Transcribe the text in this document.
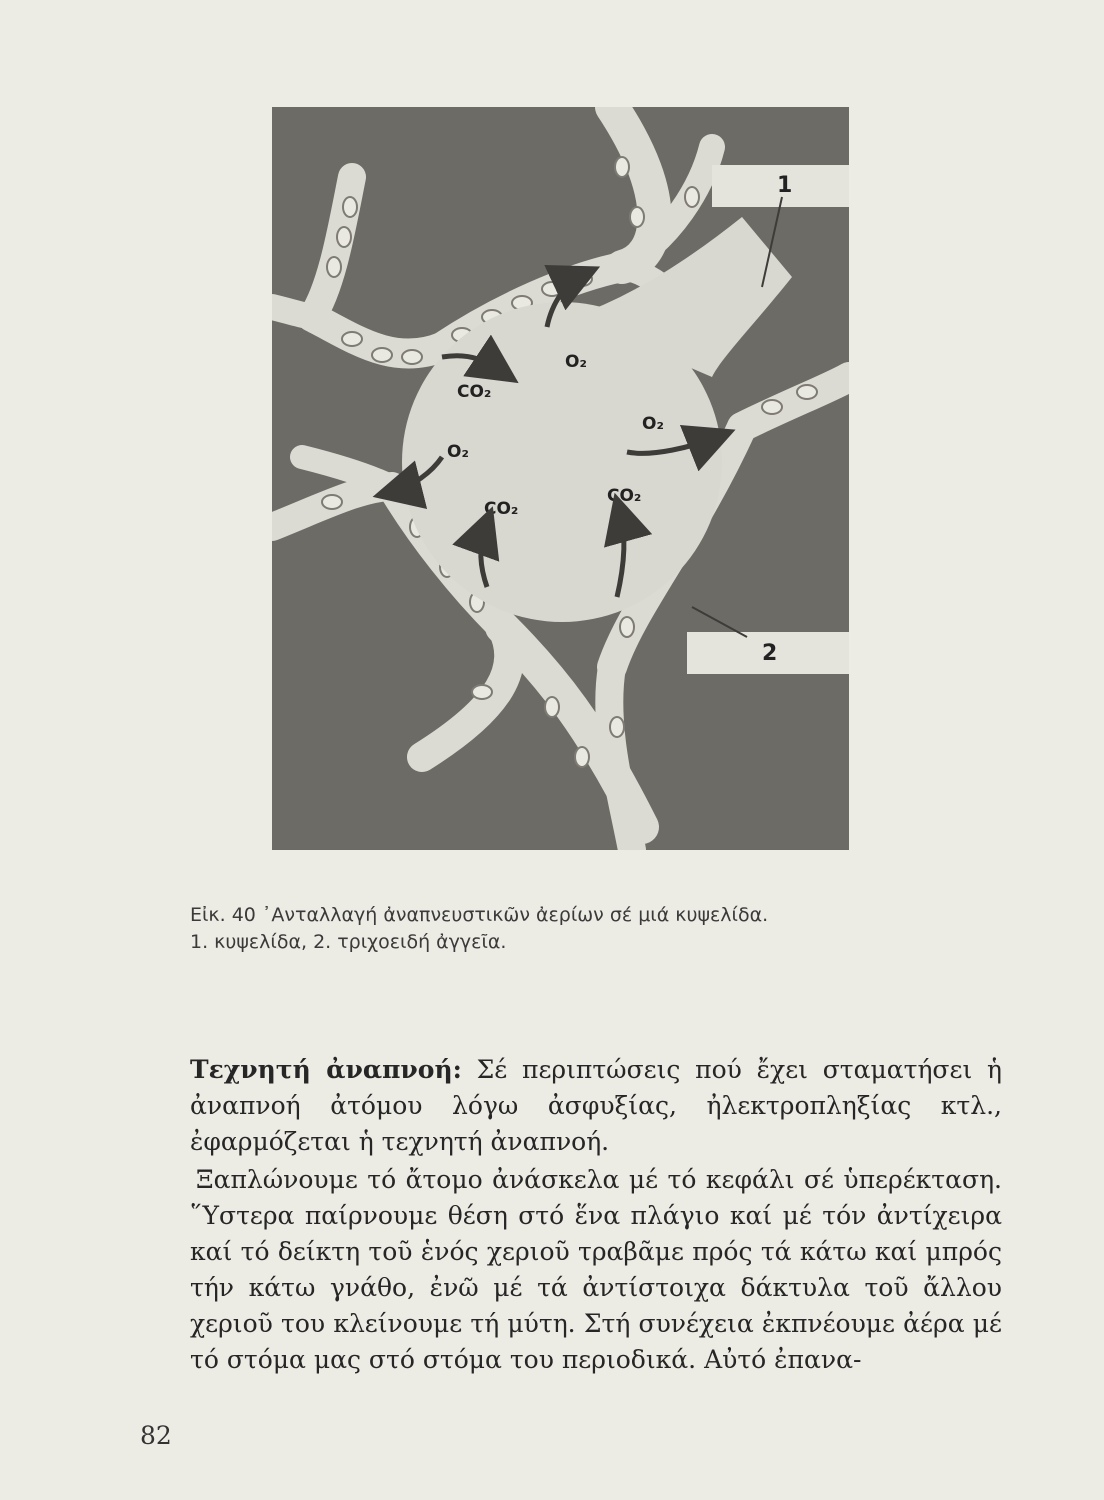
1
2
CO₂
O₂
O₂
O₂
CO₂
CO₂
Εἰκ. 40 ᾿Ανταλλαγή ἀναπνευστικῶν ἀερίων σέ μιά κυψελίδα.
1. κυψελίδα, 2. τριχοειδή ἀγγεῖα.

Τεχνητή ἀναπνοή: Σέ περιπτώσεις πού ἔχει σταματήσει ἡ ἀναπνοή ἀτόμου λόγω ἀσφυξίας, ἠλεκτροπληξίας κτλ., ἐφαρμόζεται ἡ τεχνητή ἀναπνοή.

Ξαπλώνουμε τό ἄτομο ἀνάσκελα μέ τό κεφάλι σέ ὑπερέκταση. ῞Υστερα παίρνουμε θέση στό ἕνα πλάγιο καί μέ τόν ἀντίχειρα καί τό δείκτη τοῦ ἑνός χεριοῦ τραβᾶμε πρός τά κάτω καί μπρός τήν κάτω γνάθο, ἐνῶ μέ τά ἀντίστοιχα δάκτυλα τοῦ ἄλλου χεριοῦ του κλείνουμε τή μύτη. Στή συνέχεια ἐκπνέουμε ἀέρα μέ τό στόμα μας στό στόμα του περιοδικά. Αὐτό ἐπανα-

82
